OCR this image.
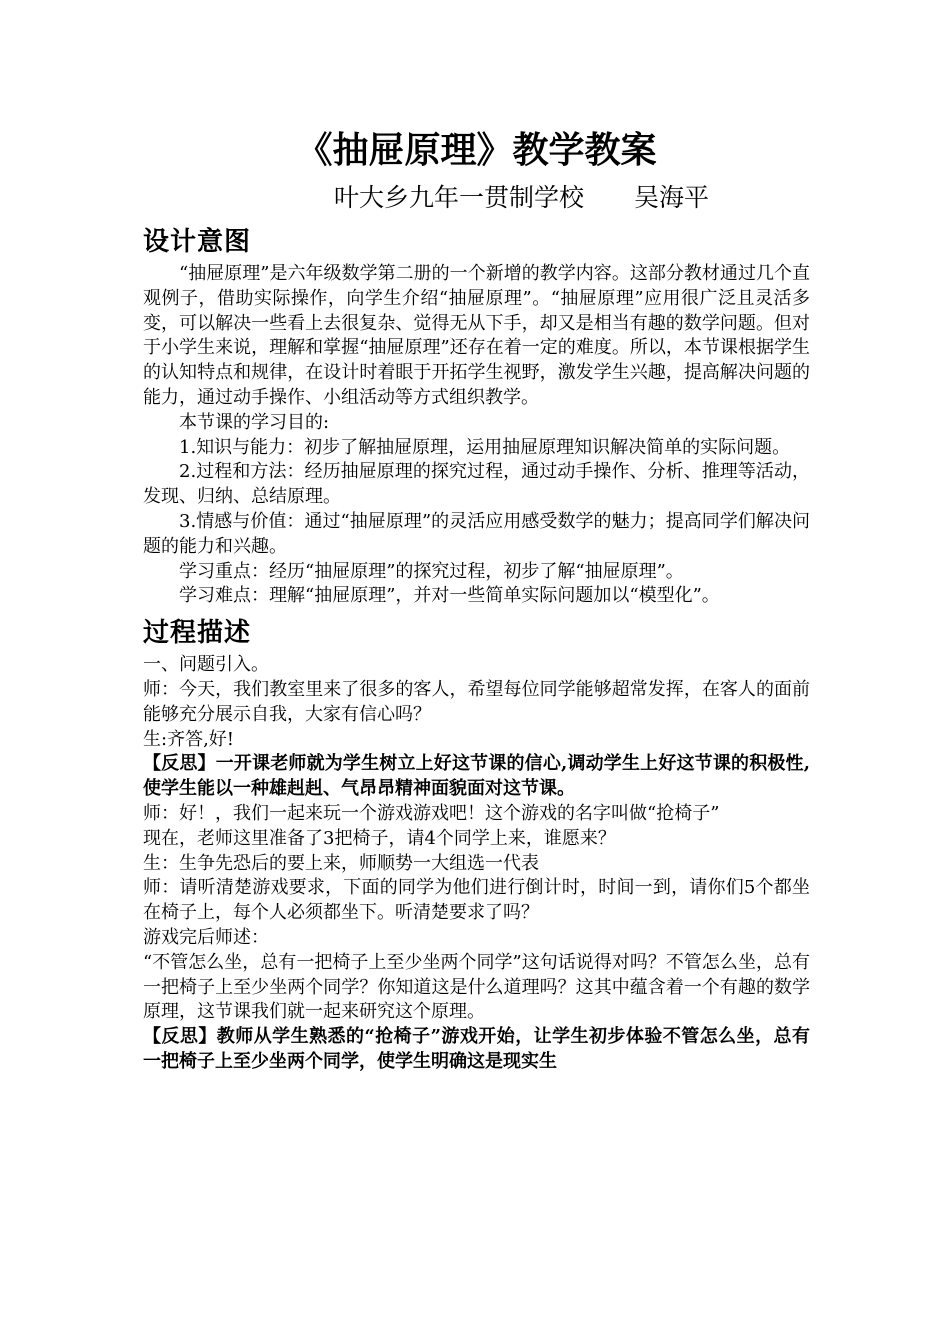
《抽屉原理》教学教案
叶大乡九年一贯制学校 吴海平
设计意图

“抽屉原理”是六年级数学第二册的一个新增的教学内容。这部分教材通过几个直观例子，借助实际操作，向学生介绍“抽屉原理”。“抽屉原理”应用很广泛且灵活多变，可以解决一些看上去很复杂、觉得无从下手，却又是相当有趣的数学问题。但对于小学生来说，理解和掌握“抽屉原理”还存在着一定的难度。所以，本节课根据学生的认知特点和规律，在设计时着眼于开拓学生视野，激发学生兴趣，提高解决问题的能力，通过动手操作、小组活动等方式组织教学。

本节课的学习目的:

1.知识与能力：初步了解抽屉原理，运用抽屉原理知识解决简单的实际问题。

2.过程和方法：经历抽屉原理的探究过程，通过动手操作、分析、推理等活动，发现、归纳、总结原理。

3.情感与价值：通过“抽屉原理”的灵活应用感受数学的魅力；提高同学们解决问题的能力和兴趣。

学习重点：经历“抽屉原理”的探究过程，初步了解“抽屉原理”。

学习难点：理解“抽屉原理”，并对一些简单实际问题加以“模型化”。

过程描述

一、问题引入。

师：今天，我们教室里来了很多的客人，希望每位同学能够超常发挥，在客人的面前能够充分展示自我，大家有信心吗？

生:齐答,好!

【反思】一开课老师就为学生树立上好这节课的信心,调动学生上好这节课的积极性,使学生能以一种雄赳赳、气昂昂精神面貌面对这节课。

师：好！，我们一起来玩一个游戏游戏吧！这个游戏的名字叫做“抢椅子”

现在，老师这里准备了3把椅子，请4个同学上来，谁愿来？

生：生争先恐后的要上来，师顺势一大组选一代表

师：请听清楚游戏要求，下面的同学为他们进行倒计时，时间一到，请你们5个都坐在椅子上，每个人必须都坐下。听清楚要求了吗？

游戏完后师述：

“不管怎么坐，总有一把椅子上至少坐两个同学”这句话说得对吗？不管怎么坐，总有一把椅子上至少坐两个同学？你知道这是什么道理吗？这其中蕴含着一个有趣的数学原理，这节课我们就一起来研究这个原理。

【反思】教师从学生熟悉的“抢椅子”游戏开始，让学生初步体验不管怎么坐，总有一把椅子上至少坐两个同学，使学生明确这是现实生
